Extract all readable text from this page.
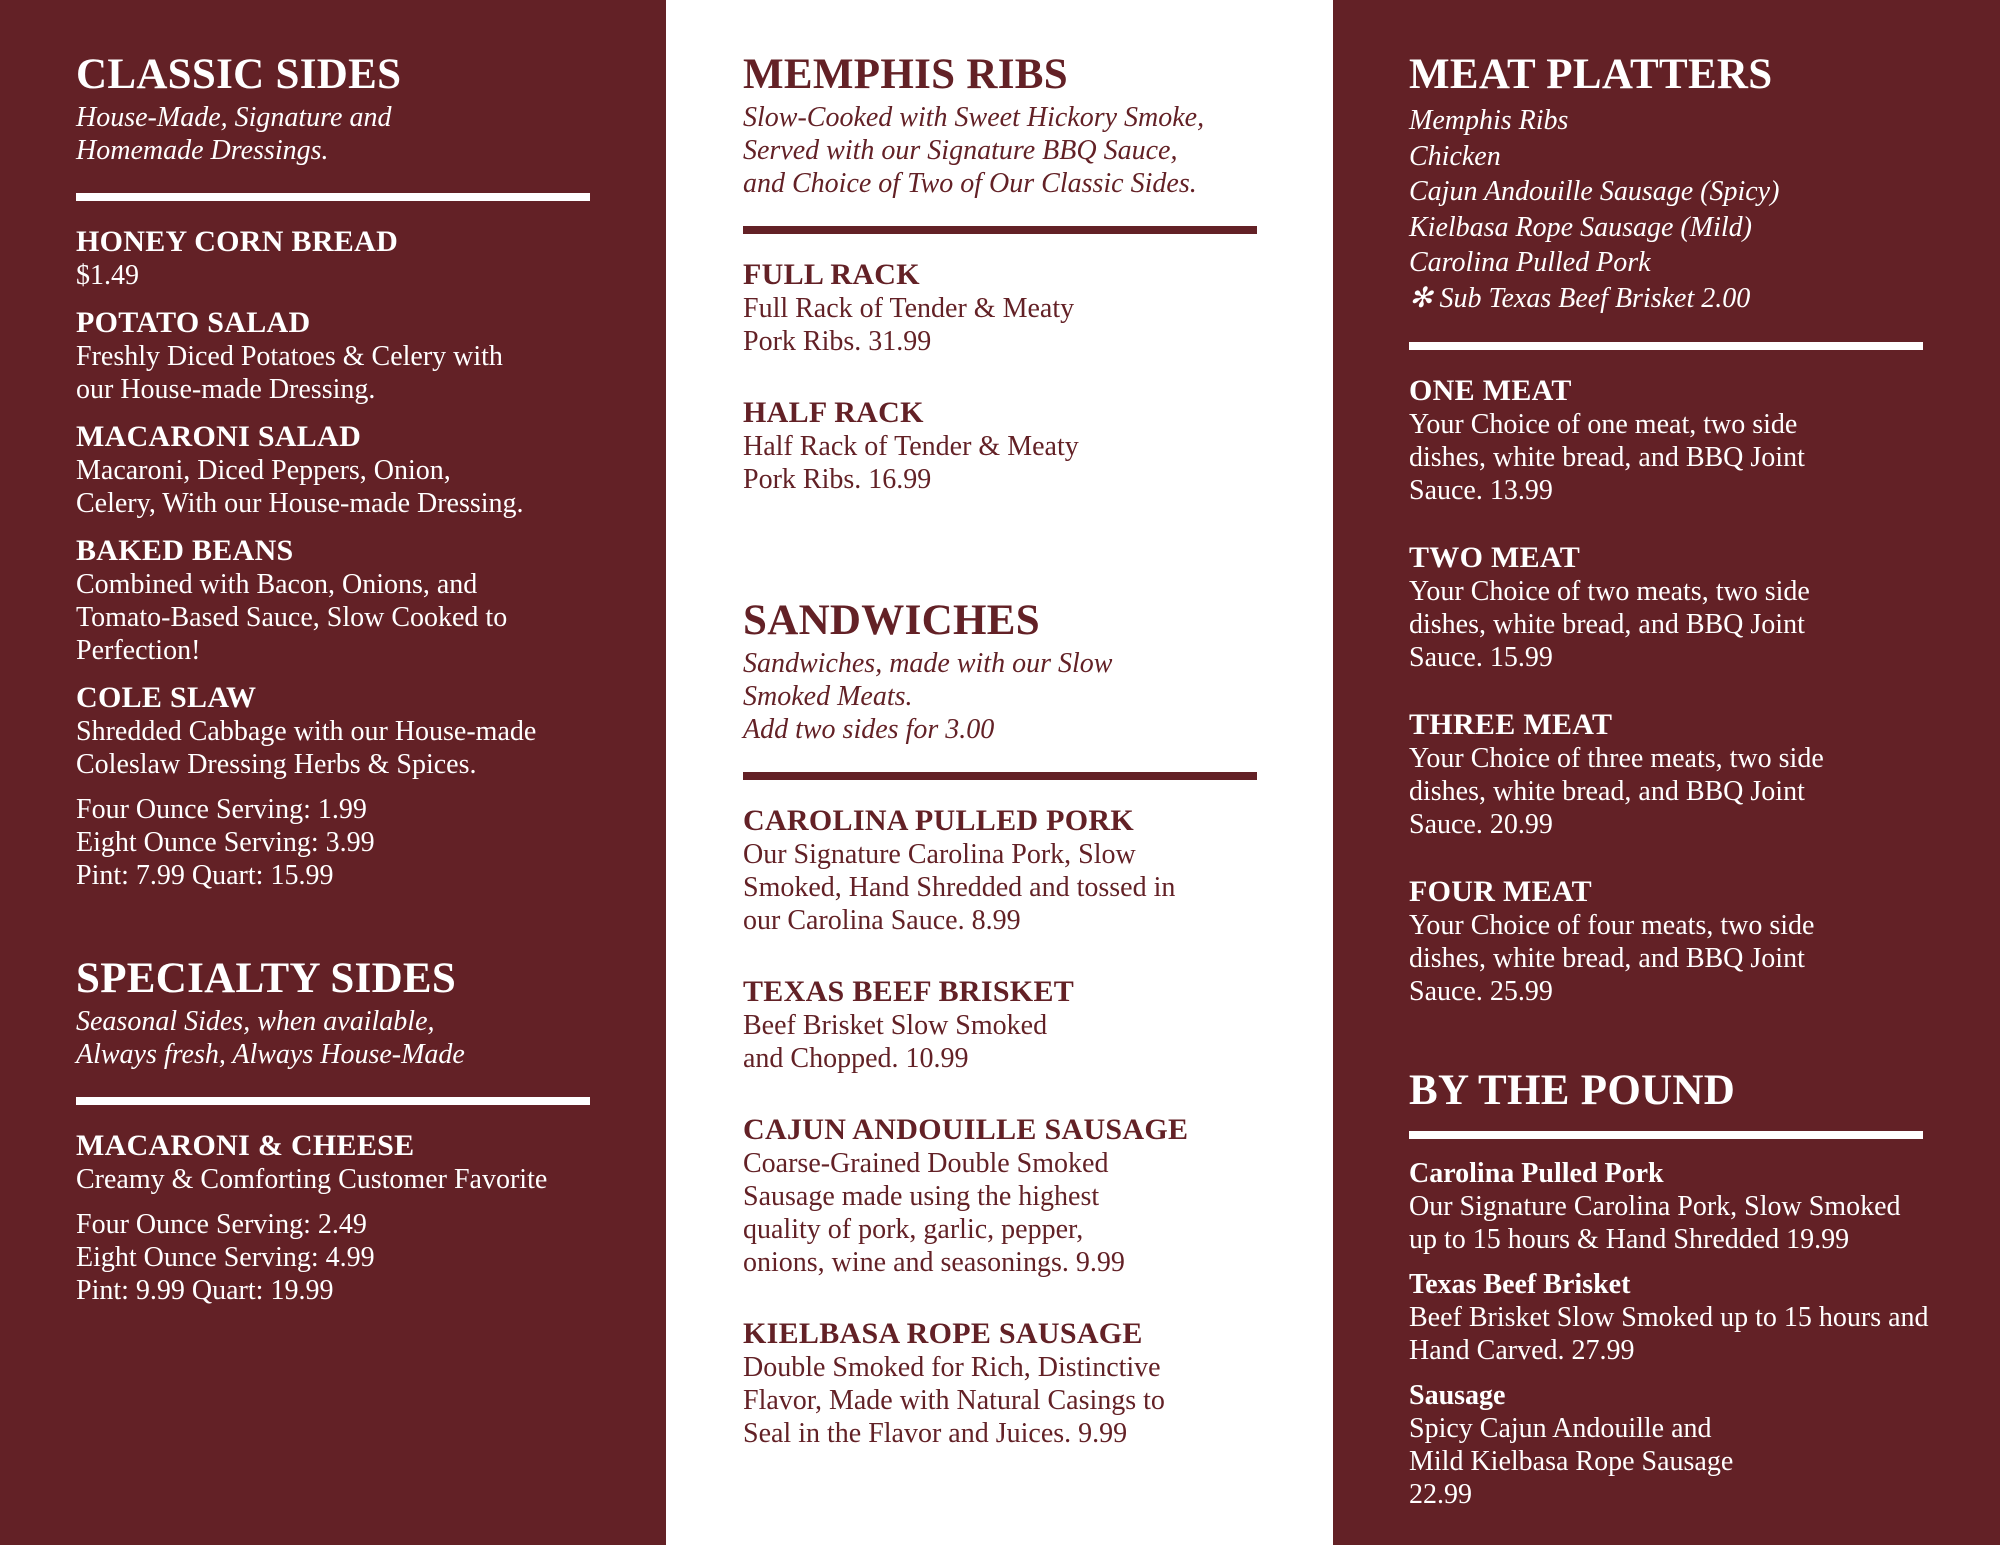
CLASSIC SIDES
House-Made, Signature and
Homemade Dressings.
HONEY CORN BREAD
$1.49
POTATO SALAD
Freshly Diced Potatoes & Celery with
our House-made Dressing.
MACARONI SALAD
Macaroni, Diced Peppers, Onion,
Celery, With our House-made Dressing.
BAKED BEANS
Combined with Bacon, Onions, and
Tomato-Based Sauce, Slow Cooked to
Perfection!
COLE SLAW
Shredded Cabbage with our House-made
Coleslaw Dressing Herbs & Spices.
Four Ounce Serving: 1.99
Eight Ounce Serving: 3.99
Pint: 7.99 Quart: 15.99
SPECIALTY SIDES
Seasonal Sides, when available,
Always fresh, Always House-Made
MACARONI & CHEESE
Creamy & Comforting Customer Favorite
Four Ounce Serving: 2.49
Eight Ounce Serving: 4.99
Pint: 9.99 Quart: 19.99
MEMPHIS RIBS
Slow-Cooked with Sweet Hickory Smoke,
Served with our Signature BBQ Sauce,
and Choice of Two of Our Classic Sides.
FULL RACK
Full Rack of Tender & Meaty
Pork Ribs. 31.99
HALF RACK
Half Rack of Tender & Meaty
Pork Ribs. 16.99
SANDWICHES
Sandwiches, made with our Slow
Smoked Meats.
Add two sides for 3.00
CAROLINA PULLED PORK
Our Signature Carolina Pork, Slow
Smoked, Hand Shredded and tossed in
our Carolina Sauce. 8.99
TEXAS BEEF BRISKET
Beef Brisket Slow Smoked
and Chopped. 10.99
CAJUN ANDOUILLE SAUSAGE
Coarse-Grained Double Smoked
Sausage made using the highest
quality of pork, garlic, pepper,
onions, wine and seasonings. 9.99
KIELBASA ROPE SAUSAGE
Double Smoked for Rich, Distinctive
Flavor, Made with Natural Casings to
Seal in the Flavor and Juices. 9.99
MEAT PLATTERS
Memphis Ribs
Chicken
Cajun Andouille Sausage (Spicy)
Kielbasa Rope Sausage (Mild)
Carolina Pulled Pork
✻ Sub Texas Beef Brisket 2.00
ONE MEAT
Your Choice of one meat, two side
dishes, white bread, and BBQ Joint
Sauce. 13.99
TWO MEAT
Your Choice of two meats, two side
dishes, white bread, and BBQ Joint
Sauce. 15.99
THREE MEAT
Your Choice of three meats, two side
dishes, white bread, and BBQ Joint
Sauce. 20.99
FOUR MEAT
Your Choice of four meats, two side
dishes, white bread, and BBQ Joint
Sauce. 25.99
BY THE POUND
Carolina Pulled Pork
Our Signature Carolina Pork, Slow Smoked
up to 15 hours & Hand Shredded 19.99
Texas Beef Brisket
Beef Brisket Slow Smoked up to 15 hours and
Hand Carved. 27.99
Sausage
Spicy Cajun Andouille and
Mild Kielbasa Rope Sausage
22.99
